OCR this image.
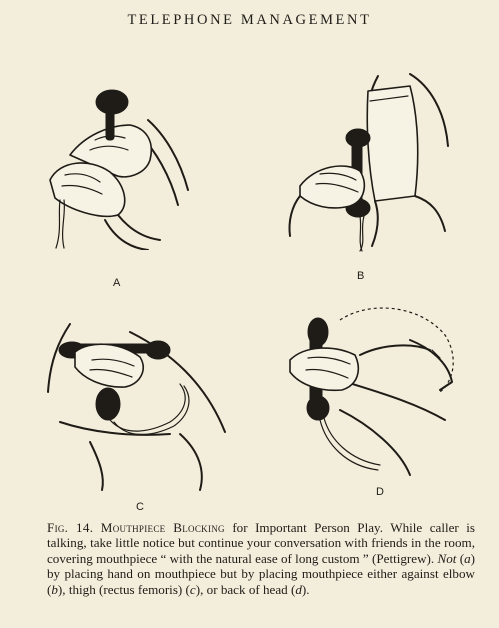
TELEPHONE MANAGEMENT
A
B
C
D
Fig. 14. Mouthpiece Blocking for Important Person Play. While caller is talking, take little notice but continue your conversation with friends in the room, covering mouthpiece “ with the natural ease of long custom ” (Pettigrew). Not (a) by placing hand on mouthpiece but by placing mouthpiece either against elbow (b), thigh (rectus femoris) (c), or back of head (d).
